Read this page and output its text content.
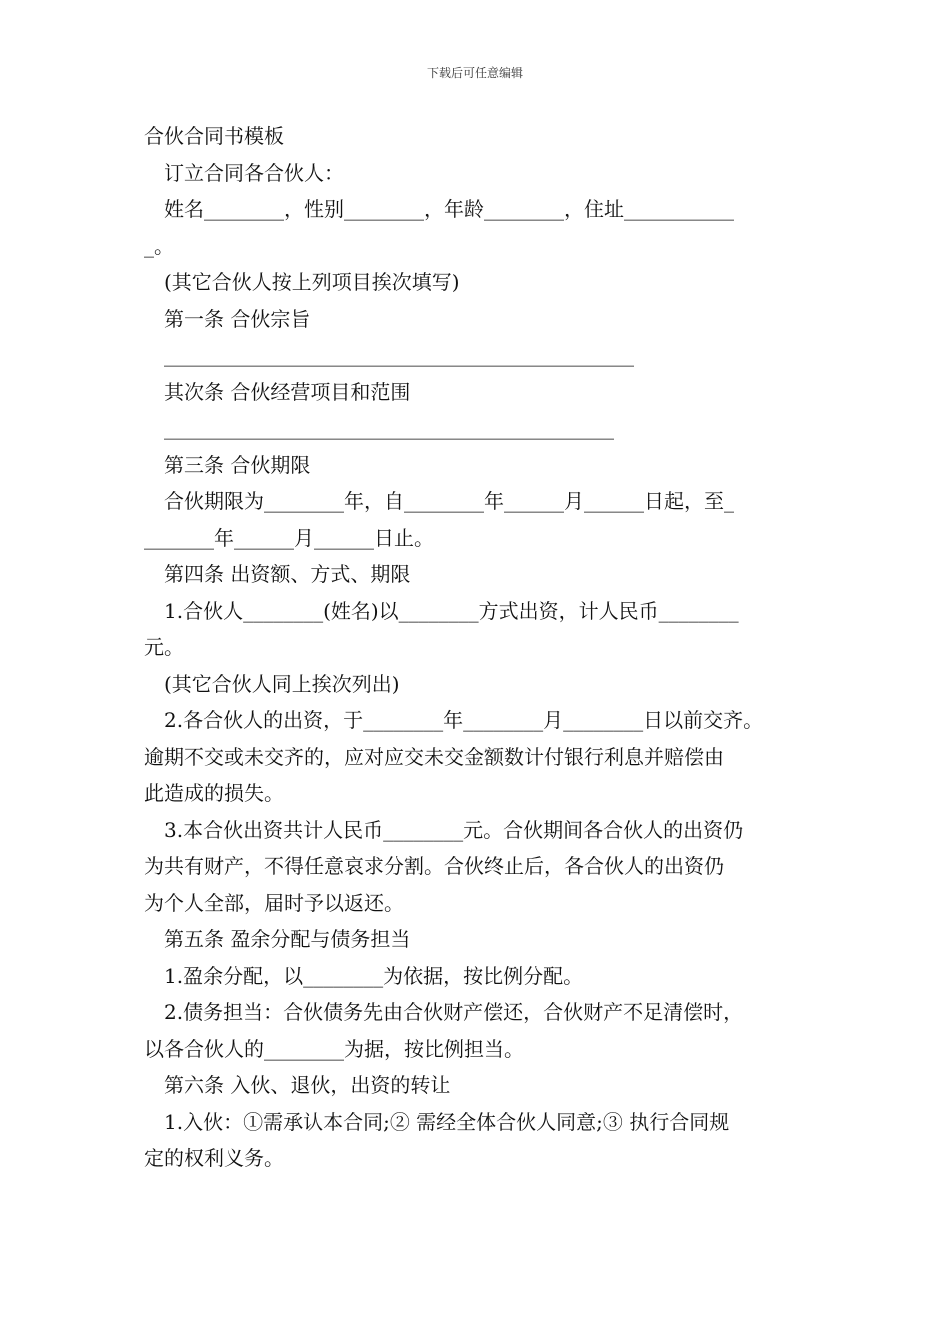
下载后可任意编辑
合伙合同书模板
订立合同各合伙人：
姓名________，性别________，年龄________，住址___________
_。
(其它合伙人按上列项目挨次填写)
第一条 合伙宗旨
_______________________________________________
其次条 合伙经营项目和范围
_____________________________________________
第三条 合伙期限
合伙期限为________年，自________年______月______日起，至_
_______年______月______日止。
第四条 出资额、方式、期限
1.合伙人________(姓名)以________方式出资，计人民币________
元。
(其它合伙人同上挨次列出)
2.各合伙人的出资，于________年________月________日以前交齐。
逾期不交或未交齐的，应对应交未交金额数计付银行利息并赔偿由
此造成的损失。
3.本合伙出资共计人民币________元。合伙期间各合伙人的出资仍
为共有财产，不得任意哀求分割。合伙终止后，各合伙人的出资仍
为个人全部，届时予以返还。
第五条 盈余分配与债务担当
1.盈余分配，以________为依据，按比例分配。
2.债务担当：合伙债务先由合伙财产偿还，合伙财产不足清偿时，
以各合伙人的________为据，按比例担当。
第六条 入伙、退伙，出资的转让
1.入伙：①需承认本合同;② 需经全体合伙人同意;③ 执行合同规
定的权利义务。
